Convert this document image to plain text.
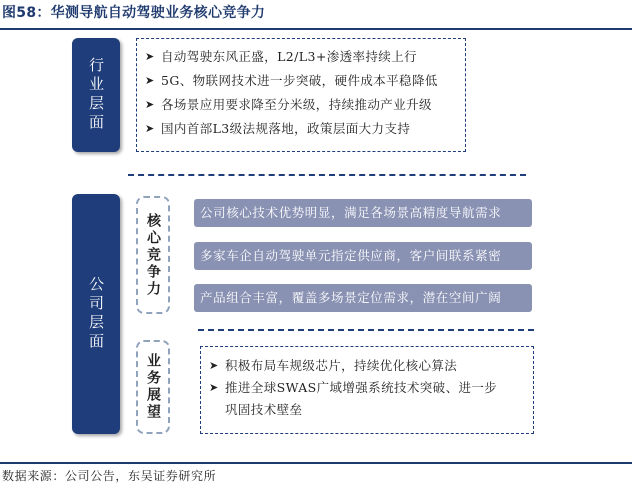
图58：华测导航自动驾驶业务核心竞争力
行业层面
➤ 自动驾驶东风正盛，L2/L3+渗透率持续上行
➤ 5G、物联网技术进一步突破，硬件成本平稳降低
➤ 各场景应用要求降至分米级，持续推动产业升级
➤ 国内首部L3级法规落地，政策层面大力支持
公司层面
核心竞争力	公司核心技术优势明显，满足各场景高精度导航需求
多家车企自动驾驶单元指定供应商，客户间联系紧密
产品组合丰富，覆盖多场景定位需求，潜在空间广阔
业务展望	➤ 积极布局车规级芯片，持续优化核心算法
➤ 推进全球SWAS广域增强系统技术突破、进一步
巩固技术壁垒
数据来源：公司公告，东吴证券研究所
